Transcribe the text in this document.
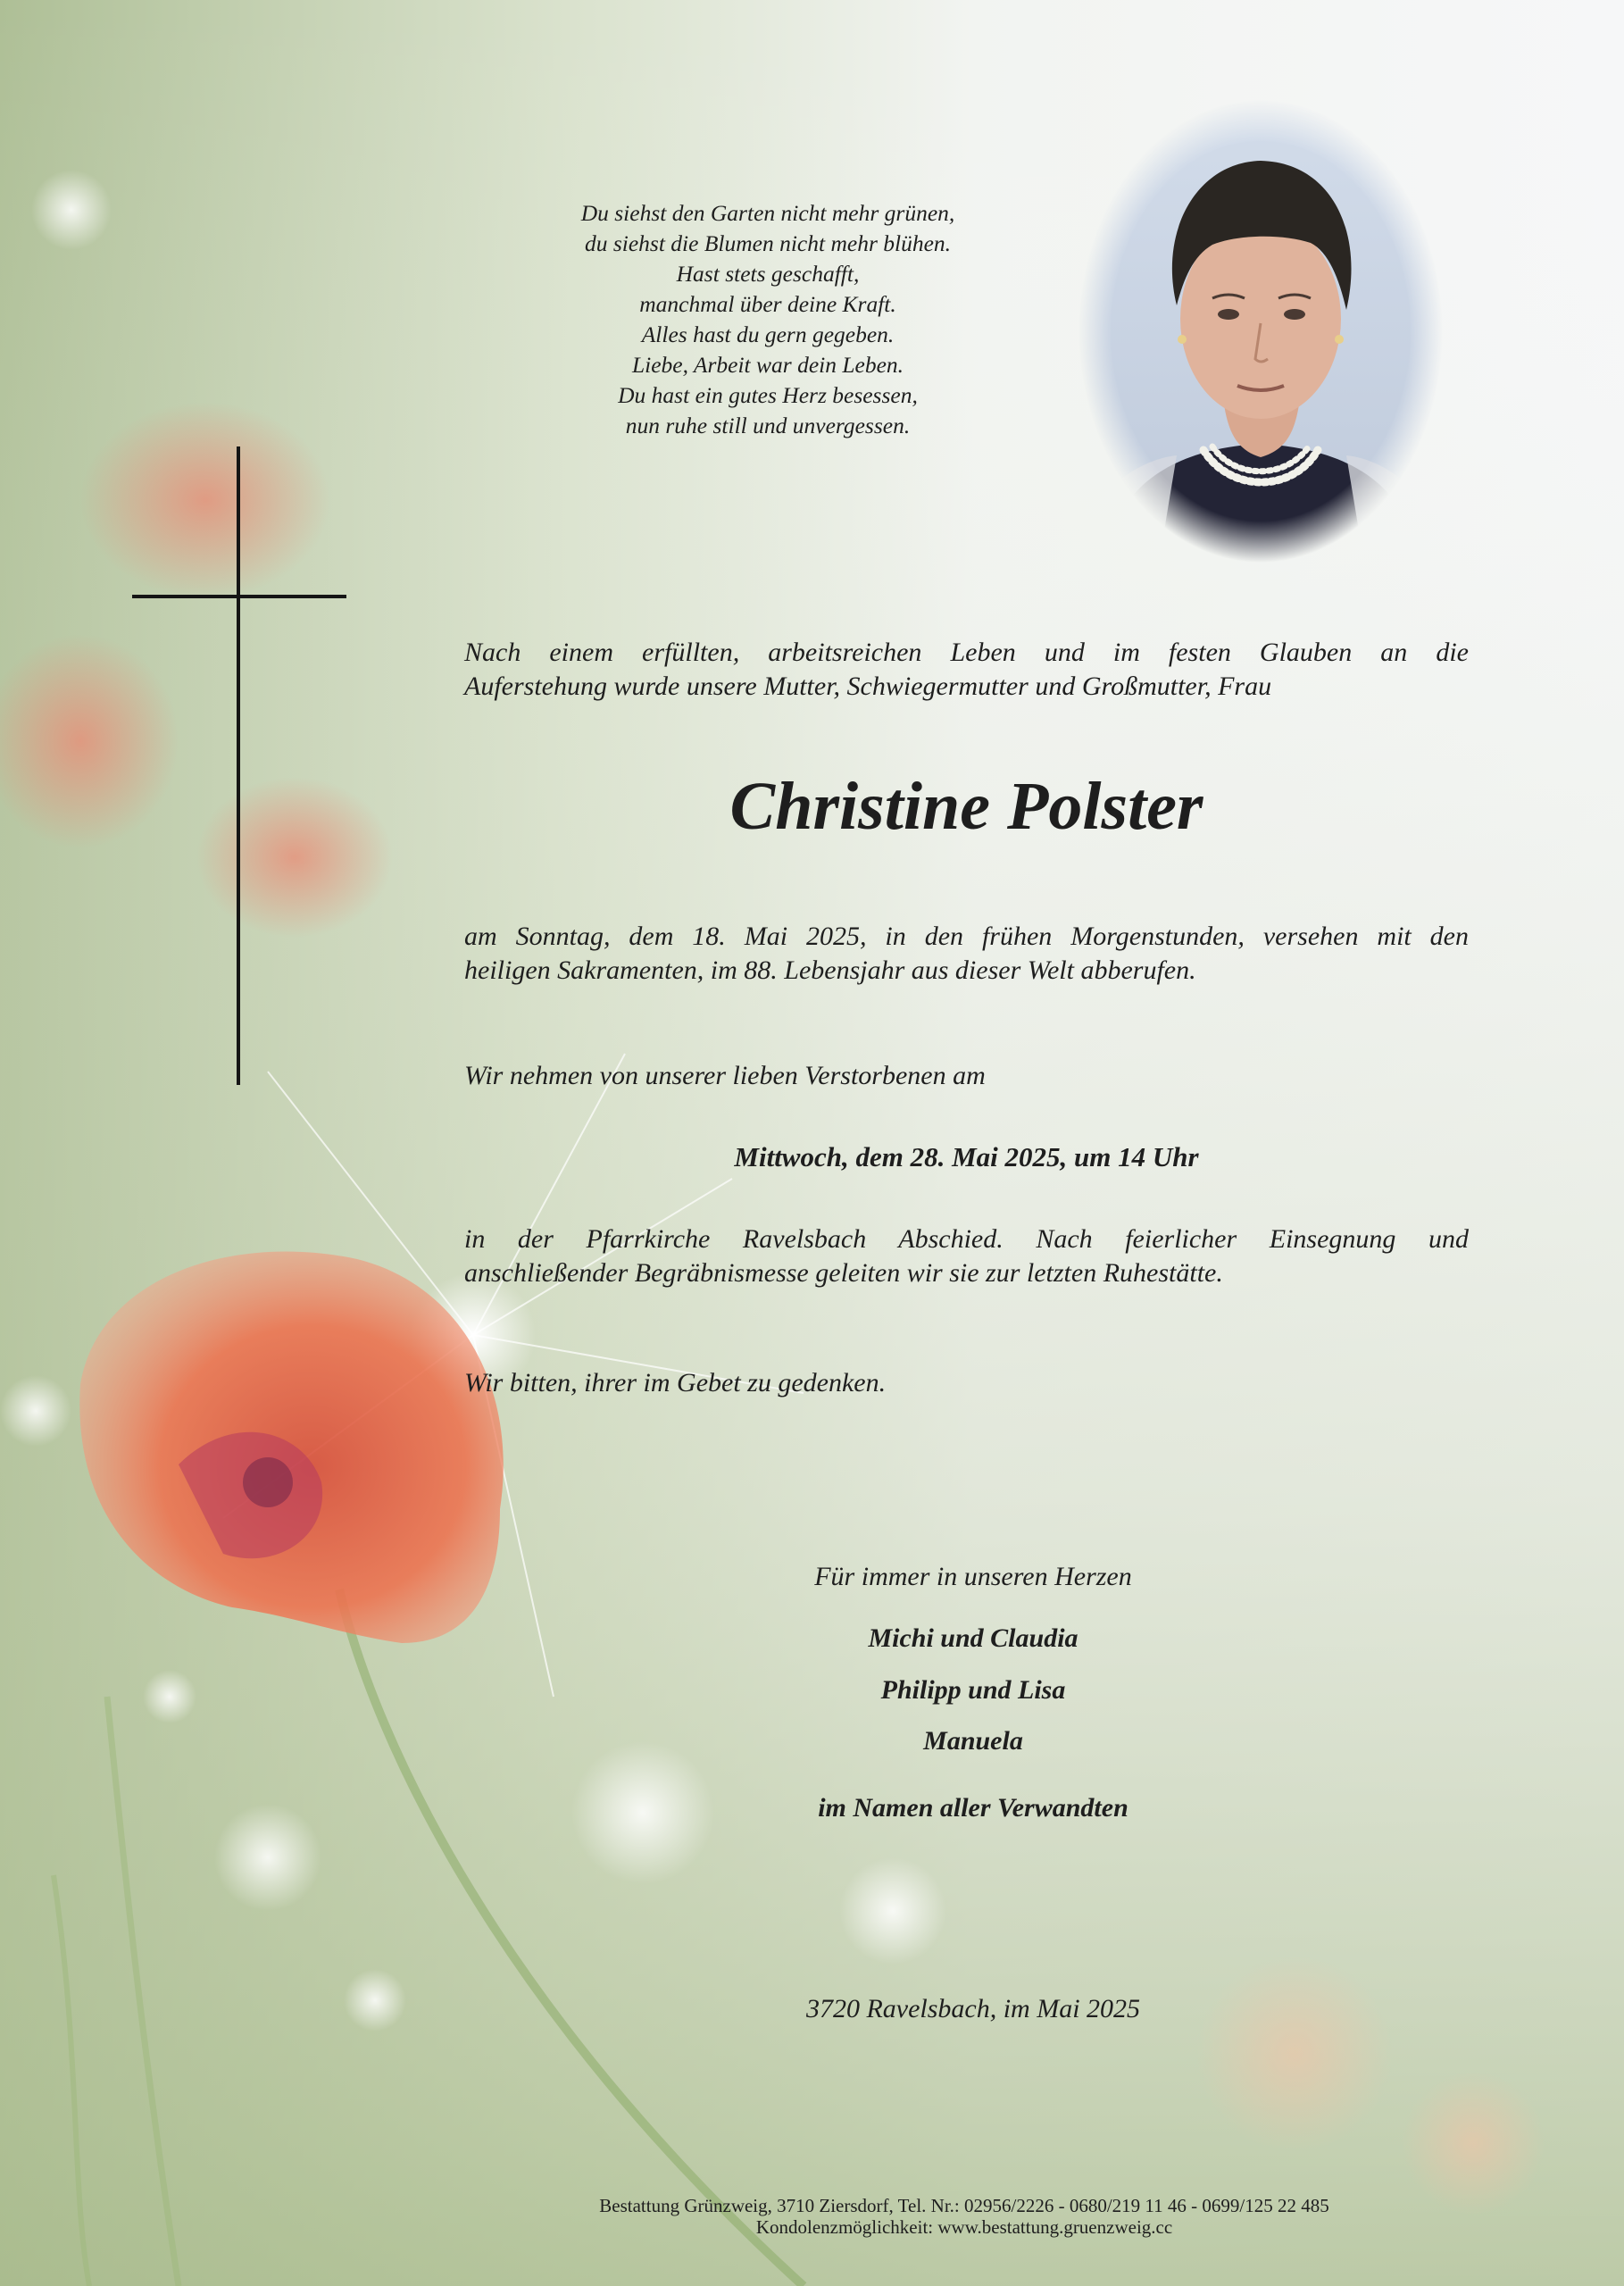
Du siehst den Garten nicht mehr grünen,
du siehst die Blumen nicht mehr blühen.
Hast stets geschafft,
manchmal über deine Kraft.
Alles hast du gern gegeben.
Liebe, Arbeit war dein Leben.
Du hast ein gutes Herz besessen,
nun ruhe still und unvergessen.
Nach einem erfüllten, arbeitsreichen Leben und im festen Glauben an die
Auferstehung wurde unsere Mutter, Schwiegermutter und Großmutter, Frau
Christine Polster
am Sonntag, dem 18. Mai 2025, in den frühen Morgenstunden, versehen mit den
heiligen Sakramenten, im 88. Lebensjahr aus dieser Welt abberufen.
Wir nehmen von unserer lieben Verstorbenen am
Mittwoch, dem 28. Mai 2025, um 14 Uhr
in der Pfarrkirche Ravelsbach Abschied. Nach feierlicher Einsegnung und
anschließender Begräbnismesse geleiten wir sie zur letzten Ruhestätte.
Wir bitten, ihrer im Gebet zu gedenken.
Für immer in unseren Herzen
Michi und Claudia
Philipp und Lisa
Manuela
im Namen aller Verwandten
3720 Ravelsbach, im Mai 2025
Bestattung Grünzweig, 3710 Ziersdorf, Tel. Nr.: 02956/2226 - 0680/219 11 46 - 0699/125 22 485
Kondolenzmöglichkeit: www.bestattung.gruenzweig.cc
